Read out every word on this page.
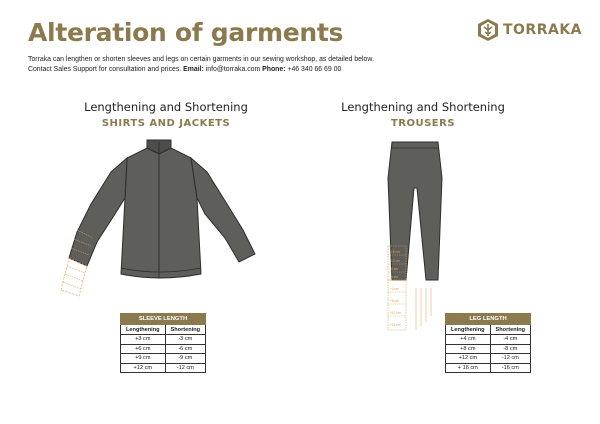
Alteration of garments	TORRAKA
Torraka can lengthen or shorten sleeves and legs on certain garments in our sewing workshop, as detailed below.
Contact Sales Support for consultation and prices. Email: info@torraka.com Phone: +46 340 66 69 00
Lengthening and Shortening
SHIRTS AND JACKETS
Lengthening and Shortening
TROUSERS
-16 cm
-12 cm
-8 cm
-4 cm
+4 cm
+8 cm
+12 cm
+16 cm
SLEEVE LENGTH	
Lengthening	Shortening
+3 cm	-3 cm
+6 cm	-6 cm
+9 cm	-9 cm
+12 cm	-12 cm
LEG LENGTH	
Lengthening	Shortening
+4 cm	-4 cm
+8 cm	-8 cm
+12 cm	-12 cm
+ 16 cm	-16 cm
